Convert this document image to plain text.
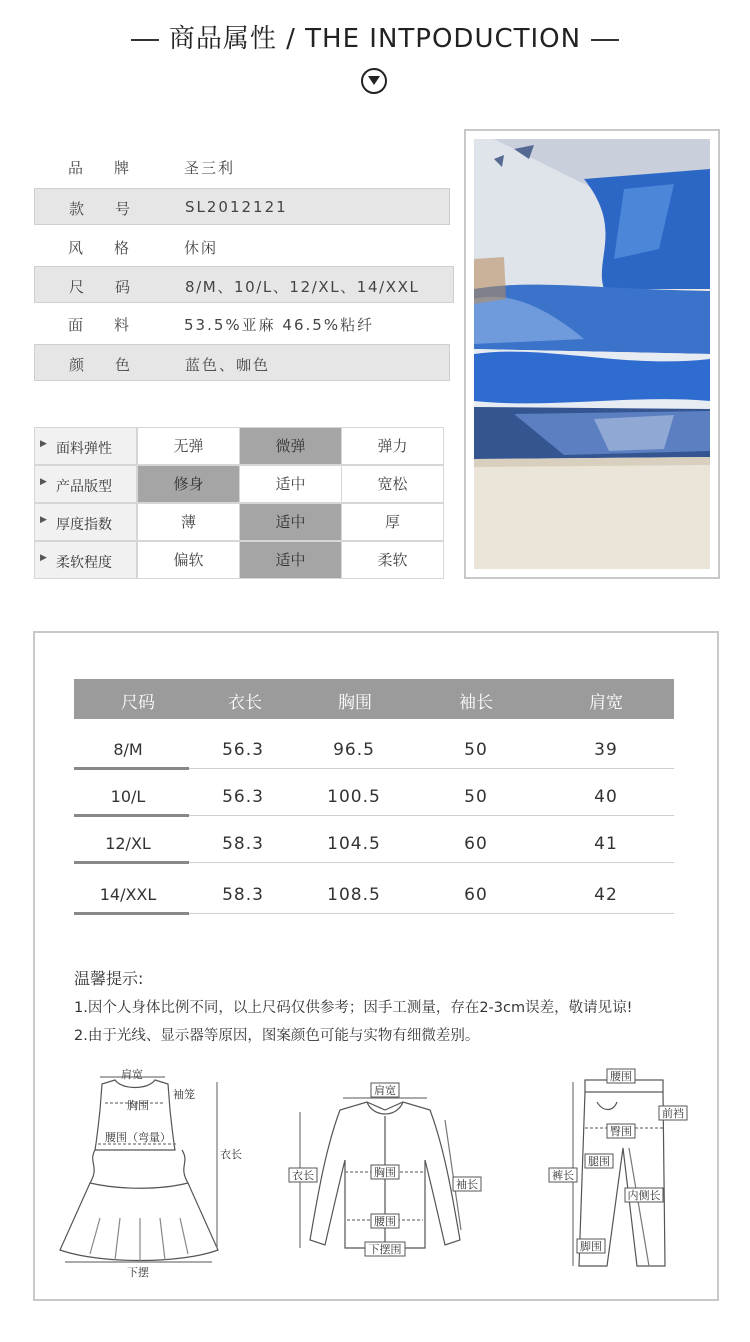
商品属性 / THE INTPODUCTION
品 牌	圣三利
款 号	SL2012121
风 格	休闲
尺 码	8/M、10/L、12/XL、14/XXL
面 料	53.5%亚麻 46.5%粘纤
颜 色	蓝色、咖色
▶ 面料弹性	无弹	微弹	弹力
▶ 产品版型	修身	适中	宽松
▶ 厚度指数	薄	适中	厚
▶ 柔软程度	偏软	适中	柔软
尺码	衣长	胸围	袖长	肩宽
8/M	56.3	96.5	50	39
10/L	56.3	100.5	50	40
12/XL	58.3	104.5	60	41
14/XXL	58.3	108.5	60	42
温馨提示:
1.因个人身体比例不同，以上尺码仅供参考；因手工测量，存在2-3cm误差，敬请见谅!
2.由于光线、显示器等原因，图案颜色可能与实物有细微差别。
肩宽
胸围
袖笼
腰围（弯量）
衣长
下摆
肩宽
衣长	胸围
袖长
腰围
下摆围
腰围
前裆
臀围
腿围
裤长
内侧长
脚围
